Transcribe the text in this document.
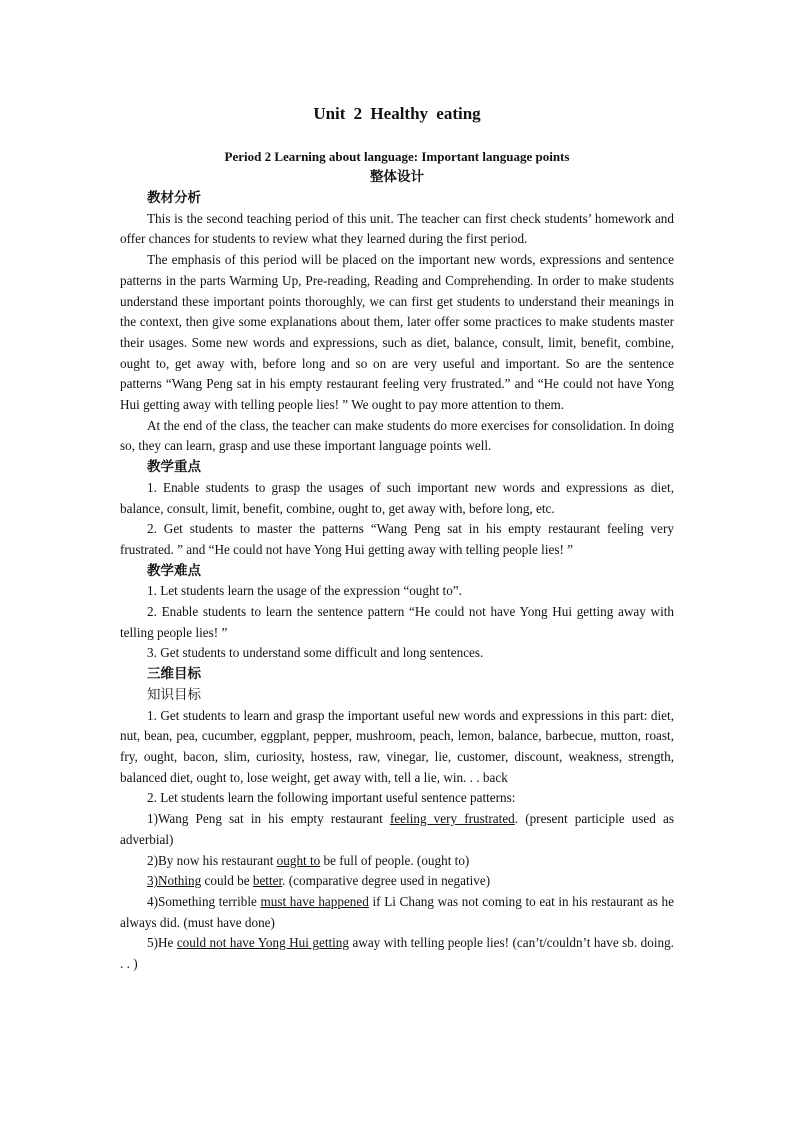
Unit 2 Healthy eating
Period 2 Learning about language: Important language points
整体设计
教材分析

This is the second teaching period of this unit. The teacher can first check students’ homework and offer chances for students to review what they learned during the first period.

The emphasis of this period will be placed on the important new words, expressions and sentence patterns in the parts Warming Up, Pre-reading, Reading and Comprehending. In order to make students understand these important points thoroughly, we can first get students to understand their meanings in the context, then give some explanations about them, later offer some practices to make students master their usages. Some new words and expressions, such as diet, balance, consult, limit, benefit, combine, ought to, get away with, before long and so on are very useful and important. So are the sentence patterns “Wang Peng sat in his empty restaurant feeling very frustrated.” and “He could not have Yong Hui getting away with telling people lies! ” We ought to pay more attention to them.

At the end of the class, the teacher can make students do more exercises for consolidation. In doing so, they can learn, grasp and use these important language points well.

教学重点

1. Enable students to grasp the usages of such important new words and expressions as diet, balance, consult, limit, benefit, combine, ought to, get away with, before long, etc.

2. Get students to master the patterns “Wang Peng sat in his empty restaurant feeling very frustrated. ” and “He could not have Yong Hui getting away with telling people lies! ”

教学难点

1. Let students learn the usage of the expression “ought to”.

2. Enable students to learn the sentence pattern “He could not have Yong Hui getting away with telling people lies! ”

3. Get students to understand some difficult and long sentences.

三维目标
知识目标

1. Get students to learn and grasp the important useful new words and expressions in this part: diet, nut, bean, pea, cucumber, eggplant, pepper, mushroom, peach, lemon, balance, barbecue, mutton, roast, fry, ought, bacon, slim, curiosity, hostess, raw, vinegar, lie, customer, discount, weakness, strength, balanced diet, ought to, lose weight, get away with, tell a lie, win. . . back

2. Let students learn the following important useful sentence patterns:

1)Wang Peng sat in his empty restaurant feeling very frustrated. (present participle used as adverbial)

2)By now his restaurant ought to be full of people. (ought to)

3)Nothing could be better. (comparative degree used in negative)

4)Something terrible must have happened if Li Chang was not coming to eat in his restaurant as he always did. (must have done)

5)He could not have Yong Hui getting away with telling people lies! (can’t/couldn’t have sb. doing. . . )
